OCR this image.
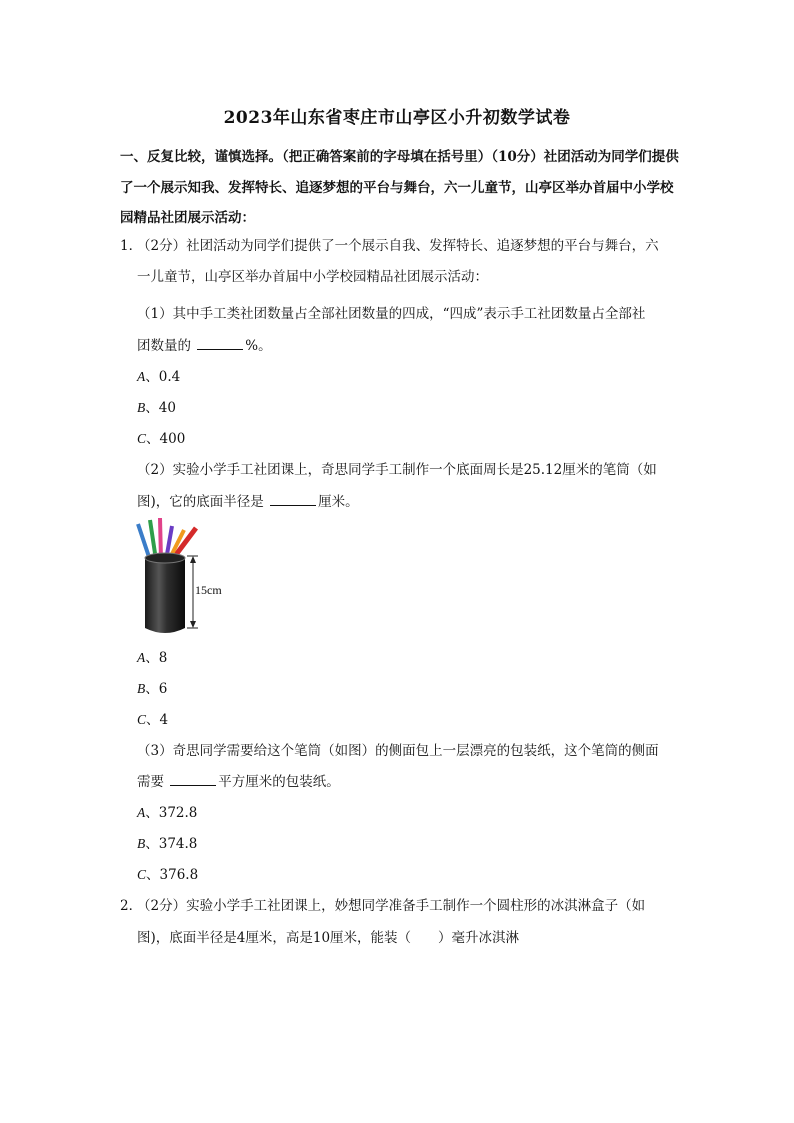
2023年山东省枣庄市山亭区小升初数学试卷
一、反复比较，谨慎选择。（把正确答案前的字母填在括号里）（10分）社团活动为同学们提供了一个展示知我、发挥特长、追逐梦想的平台与舞台，六一儿童节，山亭区举办首届中小学校园精品社团展示活动：
1．
（2分）社团活动为同学们提供了一个展示自我、发挥特长、追逐梦想的平台与舞台，六
一儿童节，山亭区举办首届中小学校园精品社团展示活动：
（1）其中手工类社团数量占全部社团数量的四成，“四成”表示手工社团数量占全部社
团数量的	%。
A、0.4
B、40
C、400
（2）实验小学手工社团课上，奇思同学手工制作一个底面周长是25.12厘米的笔筒（如
图)，它的底面半径是	厘米。
15cm
A、8
B、6
C、4
（3）奇思同学需要给这个笔筒（如图）的侧面包上一层漂亮的包装纸，这个笔筒的侧面
需要	平方厘米的包装纸。
A、372.8
B、374.8
C、376.8
2．
（2分）实验小学手工社团课上，妙想同学准备手工制作一个圆柱形的冰淇淋盒子（如
图)，底面半径是4厘米，高是10厘米，能装（　　）毫升冰淇淋
